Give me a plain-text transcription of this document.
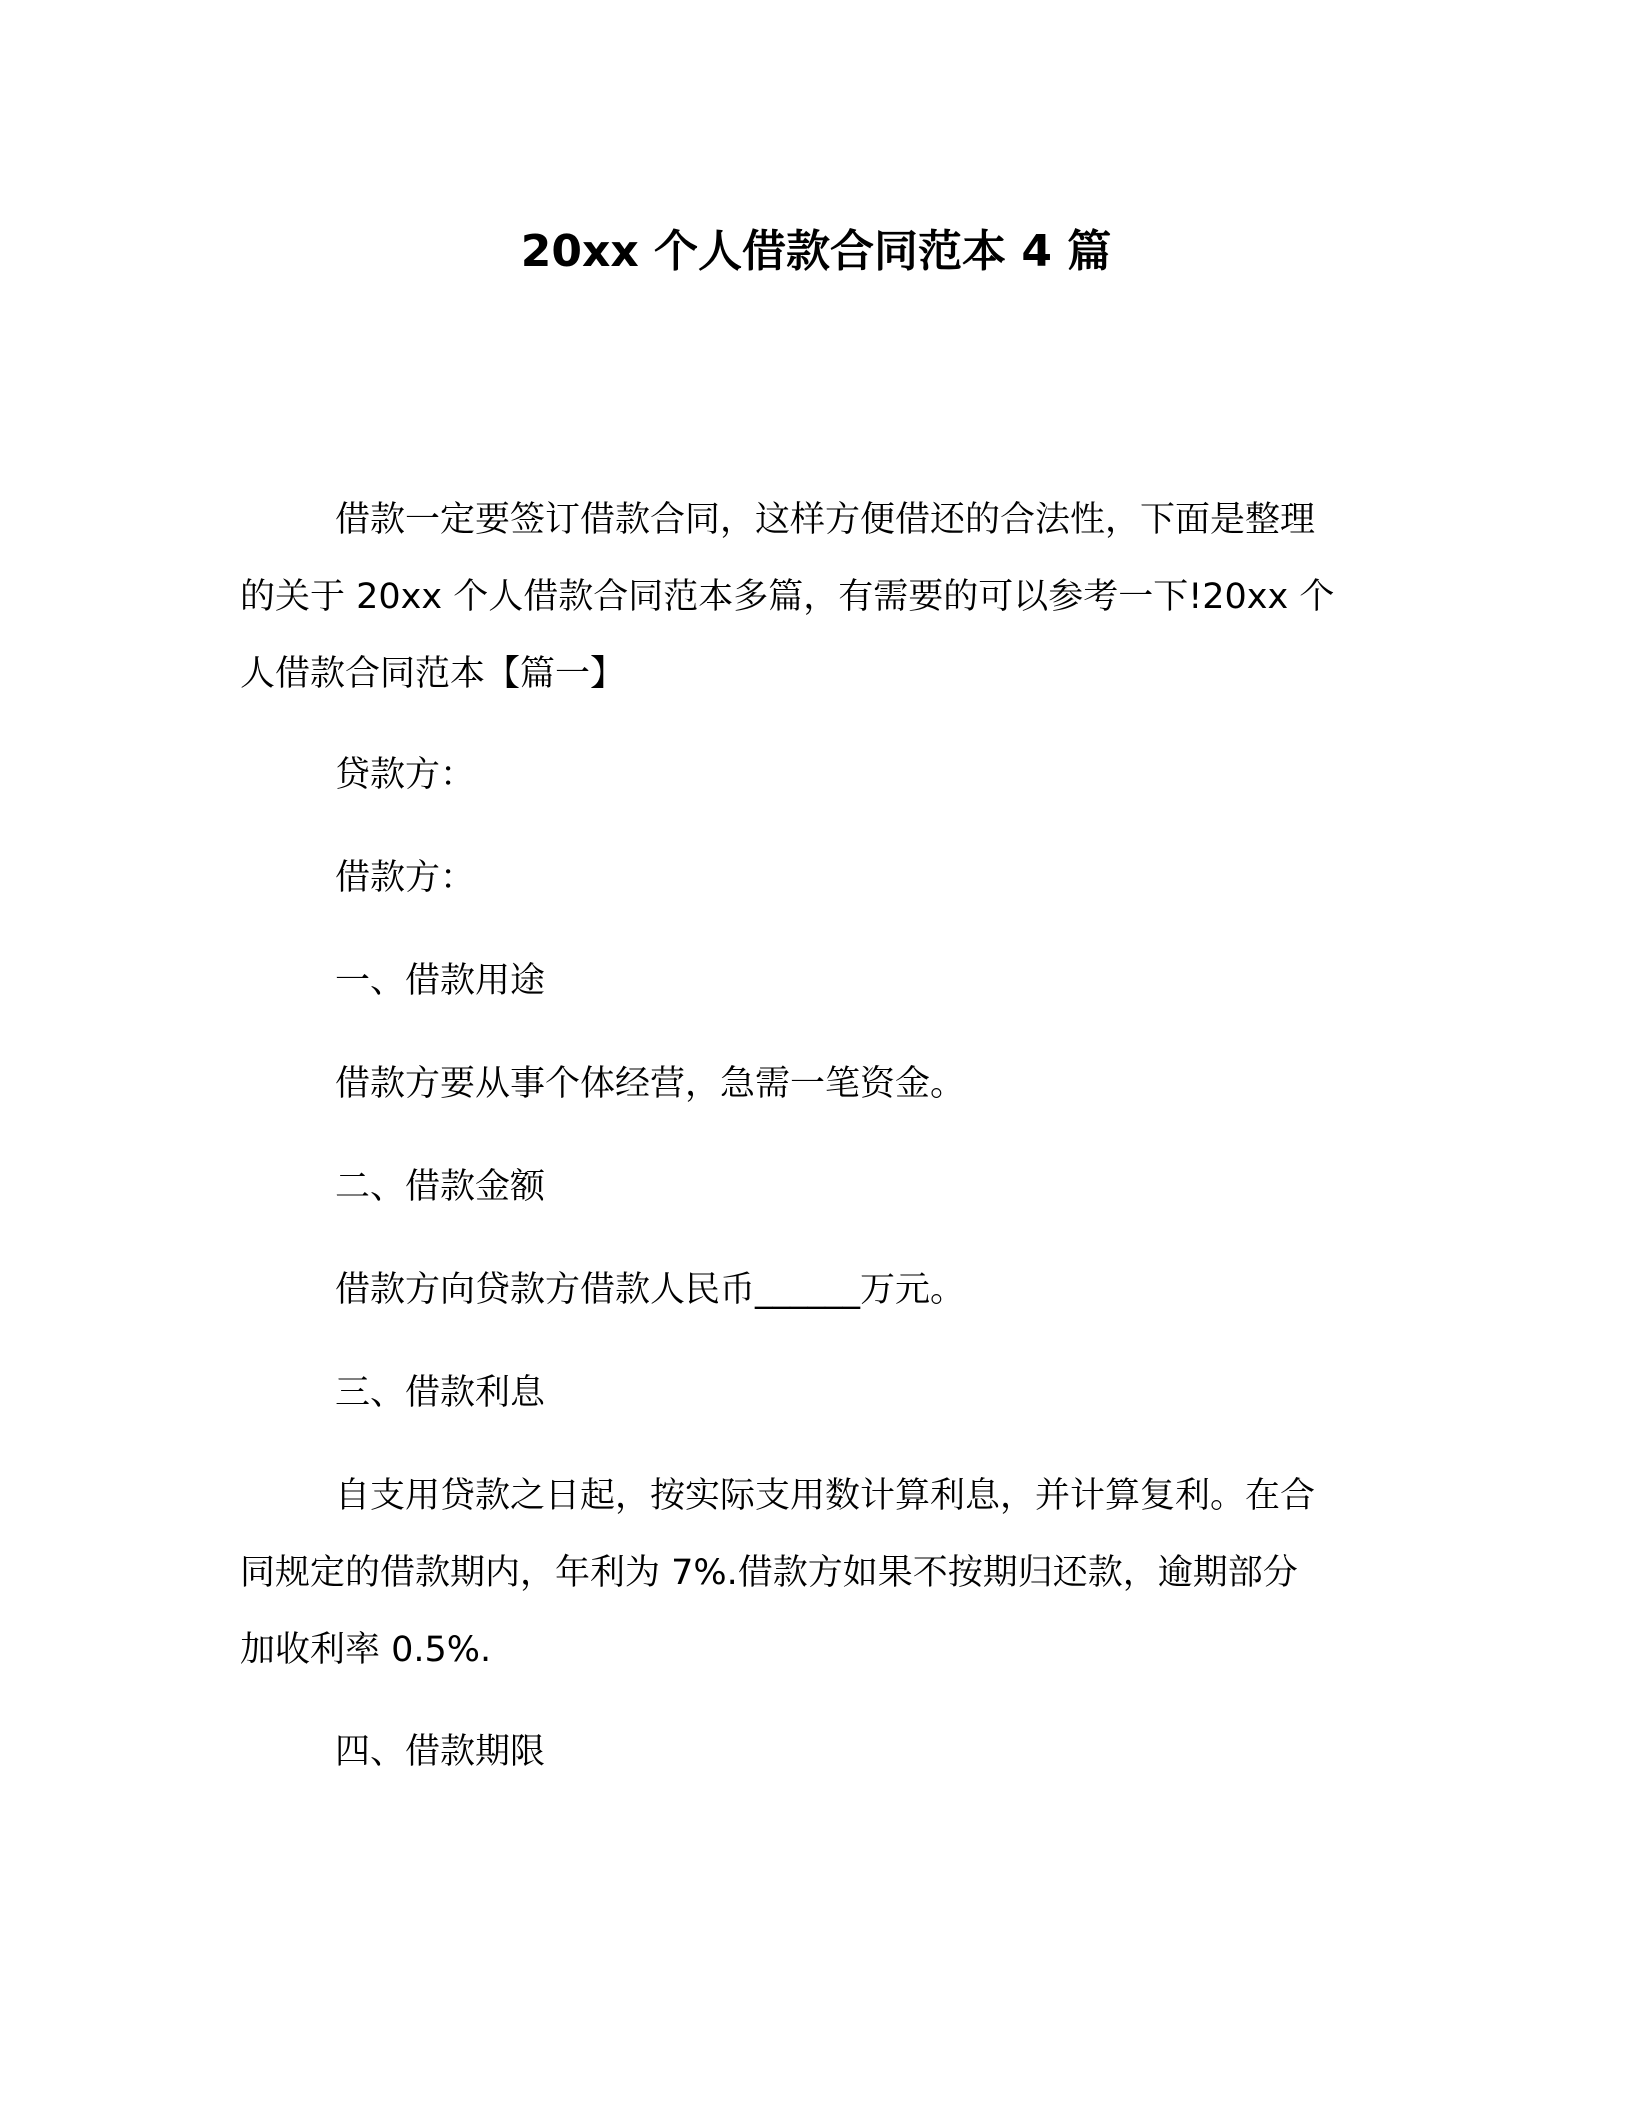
20xx 个人借款合同范本 4 篇

借款一定要签订借款合同，这样方便借还的合法性，下面是整理

的关于 20xx 个人借款合同范本多篇，有需要的可以参考一下!20xx 个

人借款合同范本【篇一】

贷款方：

借款方：

一、借款用途

借款方要从事个体经营，急需一笔资金。

二、借款金额

借款方向贷款方借款人民币______万元。

三、借款利息

自支用贷款之日起，按实际支用数计算利息，并计算复利。在合

同规定的借款期内，年利为 7%.借款方如果不按期归还款，逾期部分

加收利率 0.5%.

四、借款期限
